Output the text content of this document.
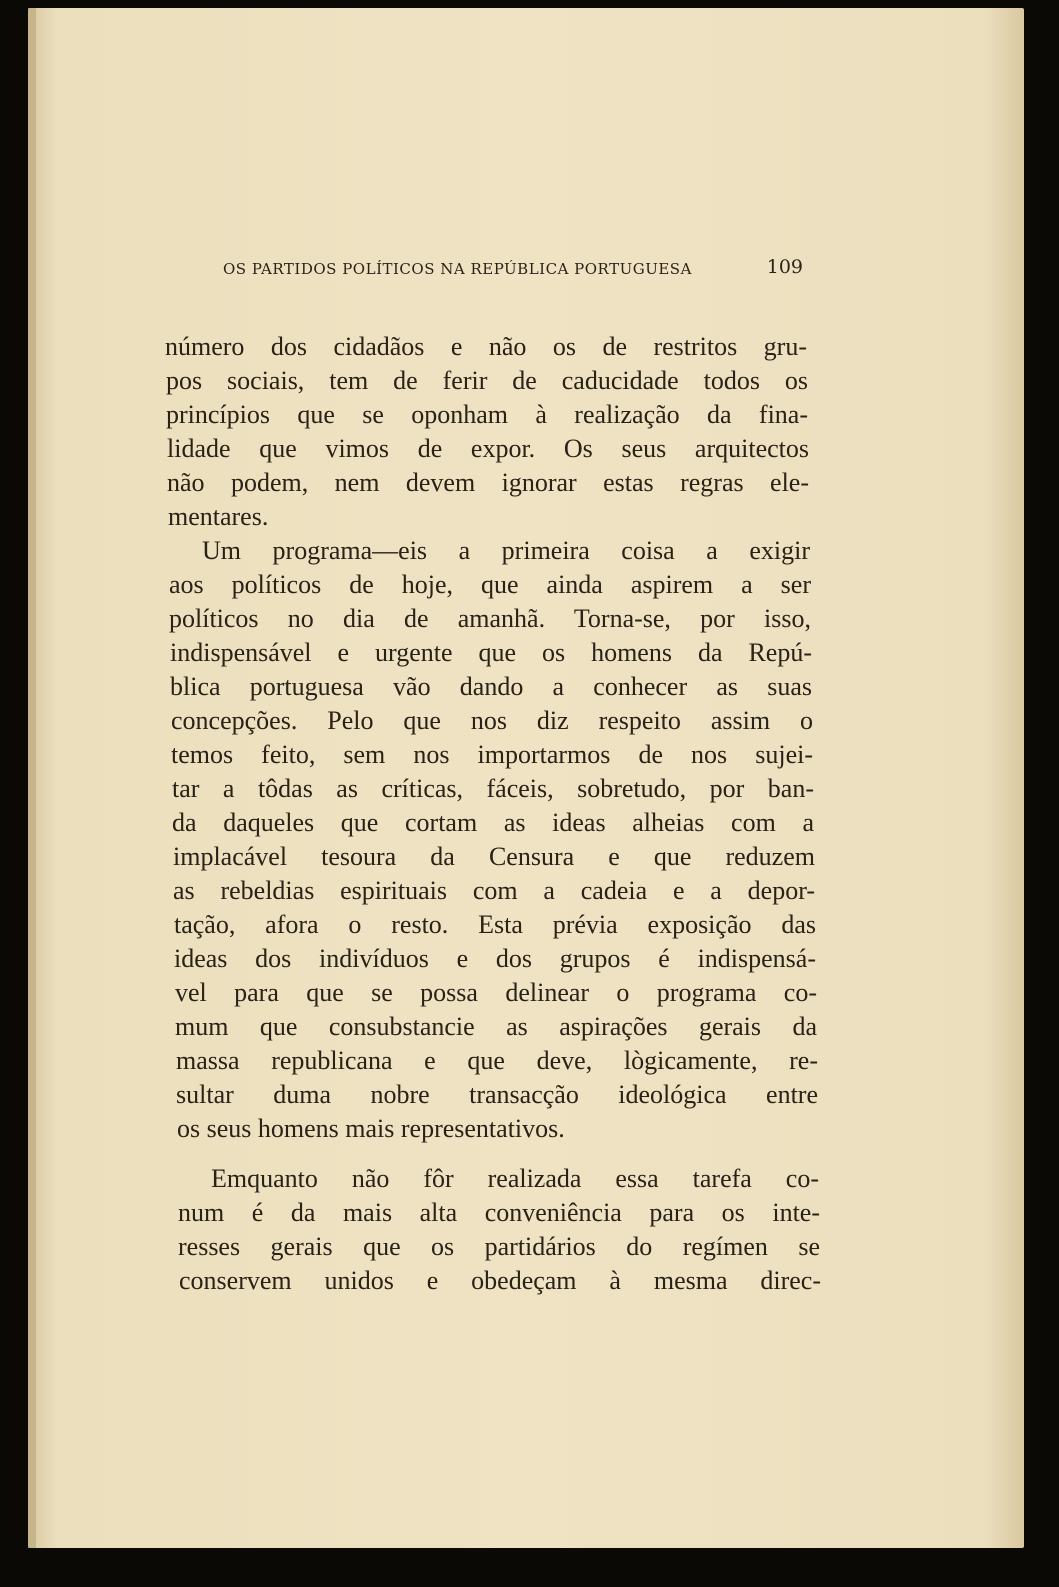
OS PARTIDOS POLÍTICOS NA REPÚBLICA PORTUGUESA	109
número dos cidadãos e não os de restritos gru-
pos sociais, tem de ferir de caducidade todos os
princípios que se oponham à realização da fina-
lidade que vimos de expor. Os seus arquitectos
não podem, nem devem ignorar estas regras ele-
mentares.
Um programa—eis a primeira coisa a exigir
aos políticos de hoje, que ainda aspirem a ser
políticos no dia de amanhã. Torna-se, por isso,
indispensável e urgente que os homens da Repú-
blica portuguesa vão dando a conhecer as suas
concepções. Pelo que nos diz respeito assim o
temos feito, sem nos importarmos de nos sujei-
tar a tôdas as críticas, fáceis, sobretudo, por ban-
da daqueles que cortam as ideas alheias com a
implacável tesoura da Censura e que reduzem
as rebeldias espirituais com a cadeia e a depor-
tação, afora o resto. Esta prévia exposição das
ideas dos indivíduos e dos grupos é indispensá-
vel para que se possa delinear o programa co-
mum que consubstancie as aspirações gerais da
massa republicana e que deve, lògicamente, re-
sultar duma nobre transacção ideológica entre
os seus homens mais representativos.
Emquanto não fôr realizada essa tarefa co-
num é da mais alta conveniência para os inte-
resses gerais que os partidários do regímen se
conservem unidos e obedeçam à mesma direc-
